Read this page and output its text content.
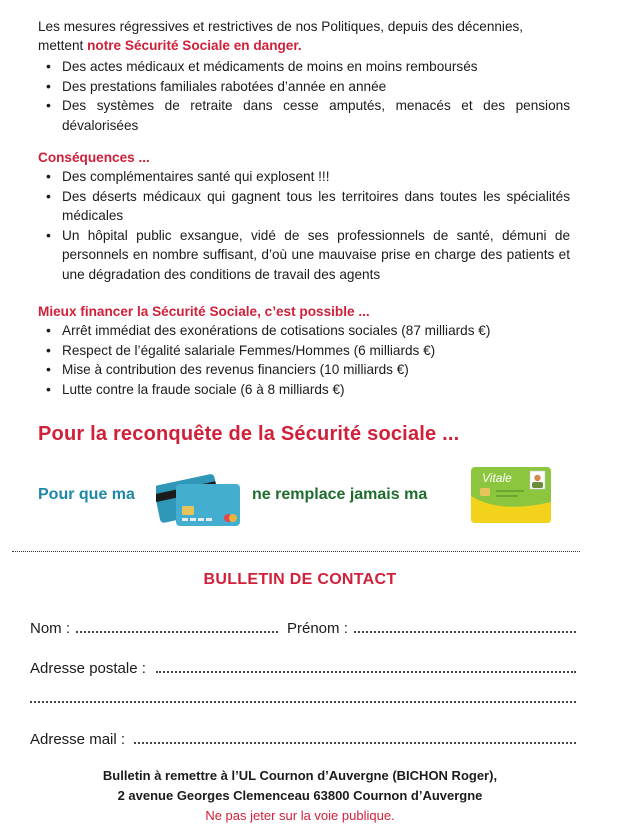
Les mesures régressives et restrictives de nos Politiques, depuis des décennies, mettent notre Sécurité Sociale en danger.
• Des actes médicaux et médicaments de moins en moins remboursés
• Des prestations familiales rabotées d’année en année
• Des systèmes de retraite dans cesse amputés, menacés et des pensions dévalorisées
Conséquences ...
• Des complémentaires santé qui explosent !!!
• Des déserts médicaux qui gagnent tous les territoires dans toutes les spécialités médicales
• Un hôpital public exsangue, vidé de ses professionnels de santé, démuni de personnels en nombre suffisant, d’où une mauvaise prise en charge des patients et une dégradation des conditions de travail des agents
Mieux financer la Sécurité Sociale, c’est possible ...
• Arrêt immédiat des exonérations de cotisations sociales (87 milliards €)
• Respect de l’égalité salariale Femmes/Hommes (6 milliards €)
• Mise à contribution des revenus financiers (10 milliards €)
• Lutte contre la fraude sociale (6 à 8 milliards €)
Pour la reconquête de la Sécurité sociale ...
Pour que ma	ne remplace jamais ma
Vitale
BULLETIN DE CONTACT
Nom :	Prénom :
Adresse postale :
Adresse mail :
Bulletin à remettre à l’UL Cournon d’Auvergne (BICHON Roger),
2 avenue Georges Clemenceau 63800 Cournon d’Auvergne
Ne pas jeter sur la voie publique.
